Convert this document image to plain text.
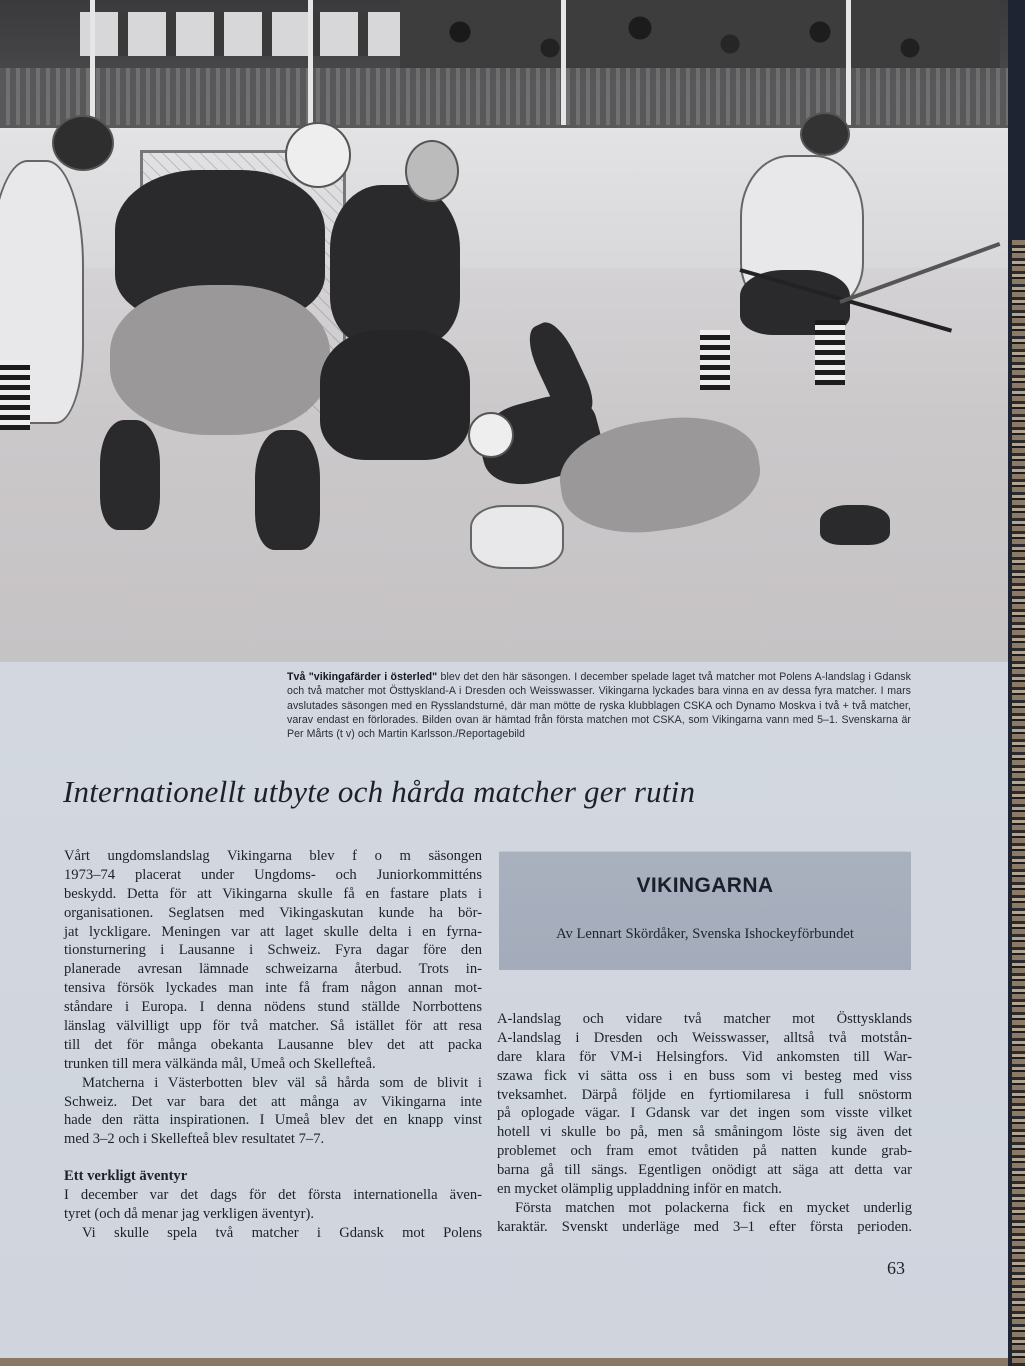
Två "vikingafärder i österled" blev det den här säsongen. I december spelade laget två matcher mot Polens A-landslag i Gdansk och två matcher mot Östtyskland-A i Dresden och Weisswasser. Vikingarna lyckades bara vinna en av dessa fyra matcher. I mars avslutades säsongen med en Rysslandsturné, där man mötte de ryska klubblagen CSKA och Dynamo Moskva i två + två matcher, varav endast en förlorades. Bilden ovan är hämtad från första matchen mot CSKA, som Vikingarna vann med 5–1. Svenskarna är Per Mårts (t v) och Martin Karlsson./Reportagebild
Internationellt utbyte och hårda matcher ger rutin
VIKINGARNA
Av Lennart Skördåker, Svenska Ishockeyförbundet
Vårt ungdomslandslag Vikingarna blev f o m säsongen
1973–74 placerat under Ungdoms- och Juniorkommitténs
beskydd. Detta för att Vikingarna skulle få en fastare plats i
organisationen. Seglatsen med Vikingaskutan kunde ha bör-
jat lyckligare. Meningen var att laget skulle delta i en fyrna-
tionsturnering i Lausanne i Schweiz. Fyra dagar före den
planerade avresan lämnade schweizarna återbud. Trots in-
tensiva försök lyckades man inte få fram någon annan mot-
ståndare i Europa. I denna nödens stund ställde Norrbottens
länslag välvilligt upp för två matcher. Så istället för att resa
till det för många obekanta Lausanne blev det att packa
trunken till mera välkända mål, Umeå och Skellefteå.
Matcherna i Västerbotten blev väl så hårda som de blivit i
Schweiz. Det var bara det att många av Vikingarna inte
hade den rätta inspirationen. I Umeå blev det en knapp vinst
med 3–2 och i Skellefteå blev resultatet 7–7.

Ett verkligt äventyr

I december var det dags för det första internationella även-
tyret (och då menar jag verkligen äventyr).
Vi skulle spela två matcher i Gdansk mot Polens
A-landslag och vidare två matcher mot Östtysklands
A-landslag i Dresden och Weisswasser, alltså två motstån-
dare klara för VM-i Helsingfors. Vid ankomsten till War-
szawa fick vi sätta oss i en buss som vi besteg med viss
tveksamhet. Därpå följde en fyrtiomilaresa i full snöstorm
på oplogade vägar. I Gdansk var det ingen som visste vilket
hotell vi skulle bo på, men så småningom löste sig även det
problemet och fram emot tvåtiden på natten kunde grab-
barna gå till sängs. Egentligen onödigt att säga att detta var
en mycket olämplig uppladdning inför en match.
Första matchen mot polackerna fick en mycket underlig
karaktär. Svenskt underläge med 3–1 efter första perioden.
63
